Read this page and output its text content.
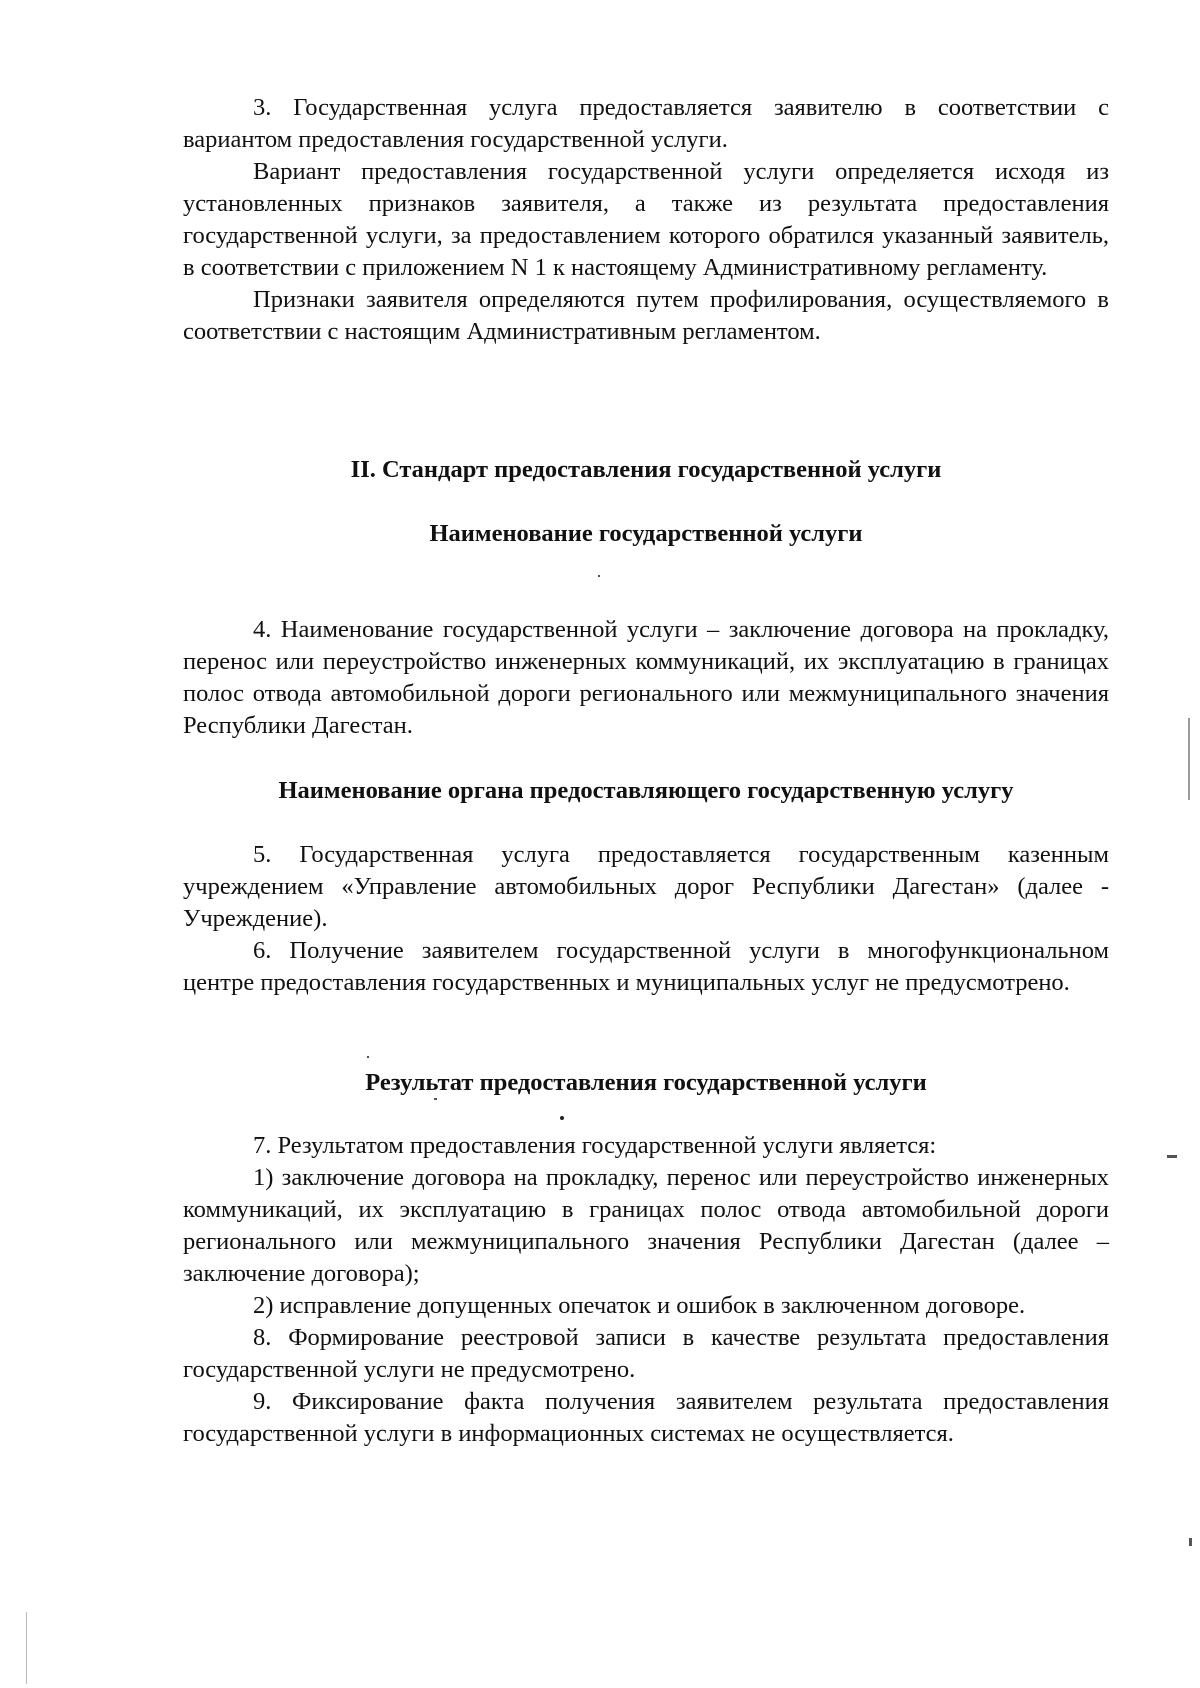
3. Государственная услуга предоставляется заявителю в соответствии с вариантом предоставления государственной услуги.

Вариант предоставления государственной услуги определяется исходя из установленных признаков заявителя, а также из результата предоставления государственной услуги, за предоставлением которого обратился указанный заявитель, в соответствии с приложением N 1 к настоящему Административному регламенту.

Признаки заявителя определяются путем профилирования, осуществляемого в соответствии с настоящим Административным регламентом.

II. Стандарт предоставления государственной услуги

Наименование государственной услуги

4. Наименование государственной услуги – заключение договора на прокладку, перенос или переустройство инженерных коммуникаций, их эксплуатацию в границах полос отвода автомобильной дороги регионального или межмуниципального значения Республики Дагестан.

Наименование органа предоставляющего государственную услугу

5. Государственная услуга предоставляется государственным казенным учреждением «Управление автомобильных дорог Республики Дагестан» (далее - Учреждение).

6. Получение заявителем государственной услуги в многофункциональном центре предоставления государственных и муниципальных услуг не предусмотрено.

Результат предоставления государственной услуги

7. Результатом предоставления государственной услуги является:

1) заключение договора на прокладку, перенос или переустройство инженерных коммуникаций, их эксплуатацию в границах полос отвода автомобильной дороги регионального или межмуниципального значения Республики Дагестан (далее – заключение договора);

2) исправление допущенных опечаток и ошибок в заключенном договоре.

8. Формирование реестровой записи в качестве результата предоставления государственной услуги не предусмотрено.

9. Фиксирование факта получения заявителем результата предоставления государственной услуги в информационных системах не осуществляется.
